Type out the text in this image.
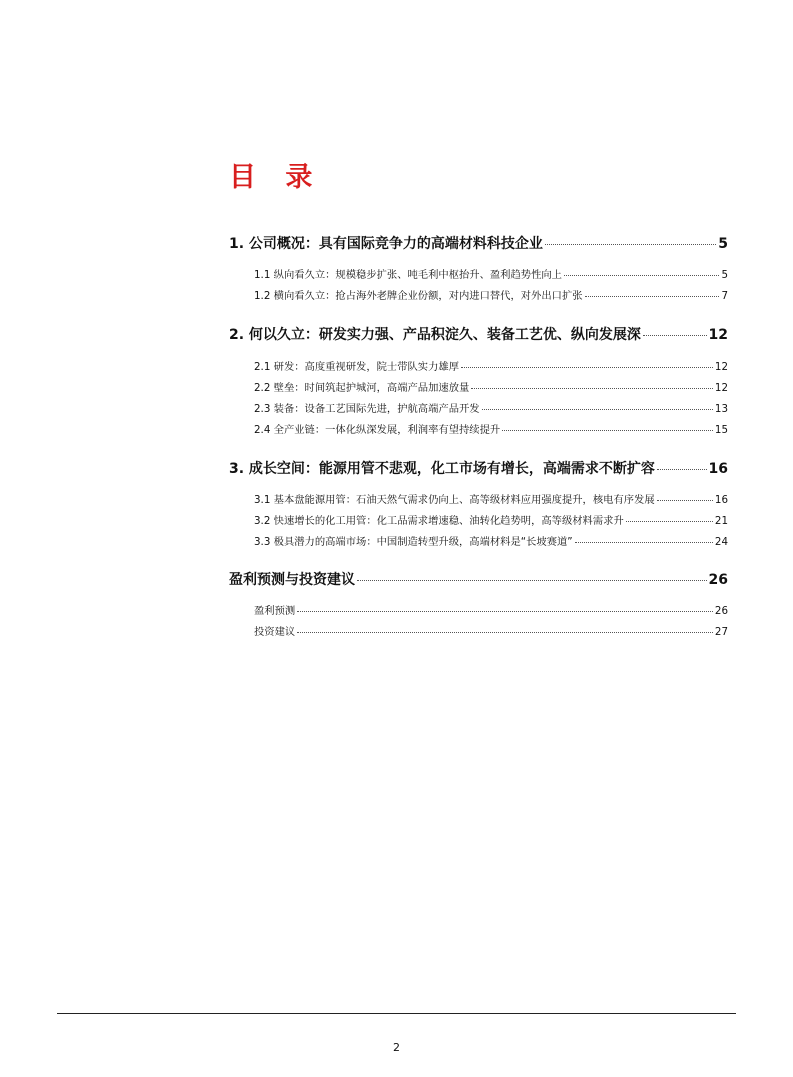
目 录
1. 公司概况：具有国际竞争力的高端材料科技企业	5
1.1 纵向看久立：规模稳步扩张、吨毛利中枢抬升、盈利趋势性向上	5
1.2 横向看久立：抢占海外老牌企业份额，对内进口替代，对外出口扩张	7
2. 何以久立：研发实力强、产品积淀久、装备工艺优、纵向发展深	12
2.1 研发：高度重视研发，院士带队实力雄厚	12
2.2 壁垒：时间筑起护城河，高端产品加速放量	12
2.3 装备：设备工艺国际先进，护航高端产品开发	13
2.4 全产业链：一体化纵深发展，利润率有望持续提升	15
3. 成长空间：能源用管不悲观，化工市场有增长，高端需求不断扩容	16
3.1 基本盘能源用管：石油天然气需求仍向上、高等级材料应用强度提升，核电有序发展	16
3.2 快速增长的化工用管：化工品需求增速稳、油转化趋势明，高等级材料需求升	21
3.3 极具潜力的高端市场：中国制造转型升级，高端材料是“长坡赛道”	24
盈利预测与投资建议	26
盈利预测	26
投资建议	27
2
